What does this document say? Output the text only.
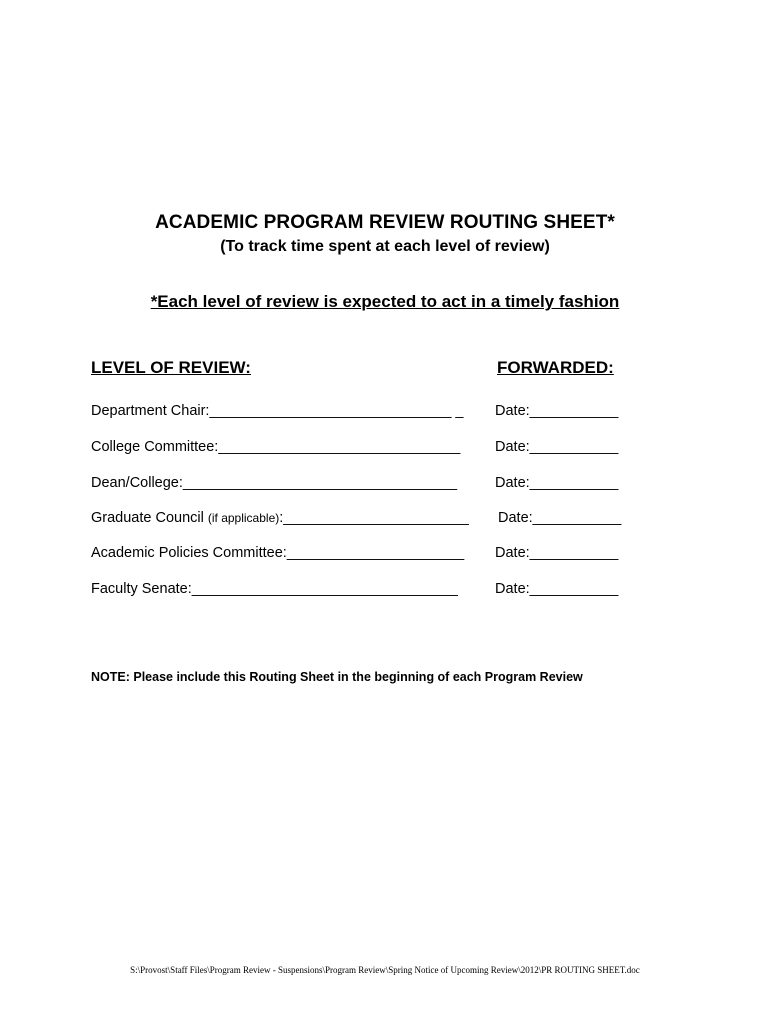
ACADEMIC PROGRAM REVIEW ROUTING SHEET*
(To track time spent at each level of review)
*Each level of review is expected to act in a timely fashion
LEVEL OF REVIEW:	FORWARDED:
Department Chair:______________________________ _ Date:___________
College Committee:______________________________ Date:___________
Dean/College:__________________________________	Date:___________
Graduate Council (if applicable):_______________________ Date:___________
Academic Policies Committee:______________________ Date:___________
Faculty Senate:_________________________________	Date:___________
NOTE: Please include this Routing Sheet in the beginning of each Program Review
S:\Provost\Staff Files\Program Review - Suspensions\Program Review\Spring Notice of Upcoming Review\2012\PR ROUTING SHEET.doc
